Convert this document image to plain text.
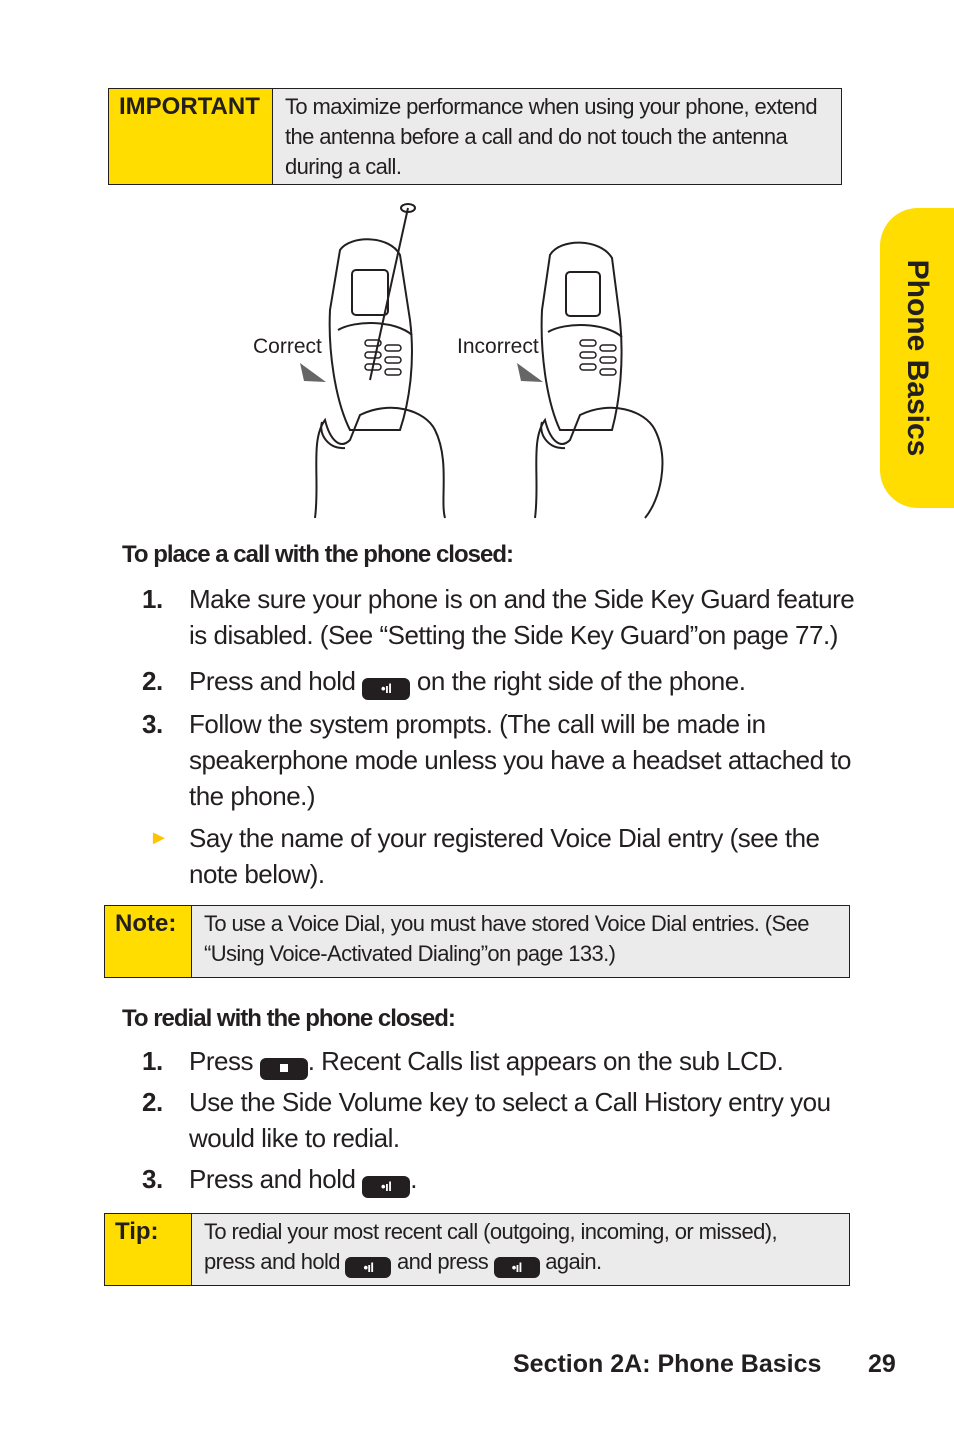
IMPORTANT	To maximize performance when using your phone, extend the antenna before a call and do not touch the antenna during a call.
Correct	Incorrect	Phone Basics
To place a call with the phone closed:
1. Make sure your phone is on and the Side Key Guard feature is disabled. (See “Setting the Side Key Guard”on page 77.)
2. Press and hold •ıl on the right side of the phone.
3. Follow the system prompts. (The call will be made in speakerphone mode unless you have a headset attached to the phone.)
► Say the name of your registered Voice Dial entry (see the note below).
Note:	To use a Voice Dial, you must have stored Voice Dial entries. (See “Using Voice-Activated Dialing”on page 133.)
To redial with the phone closed:
1. Press . Recent Calls list appears on the sub LCD.
2. Use the Side Volume key to select a Call History entry you would like to redial.
3. Press and hold •ıl .
Tip:	To redial your most recent call (outgoing, incoming, or missed),
press and hold •ıl and press •ıl again.
Section 2A: Phone Basics 29
